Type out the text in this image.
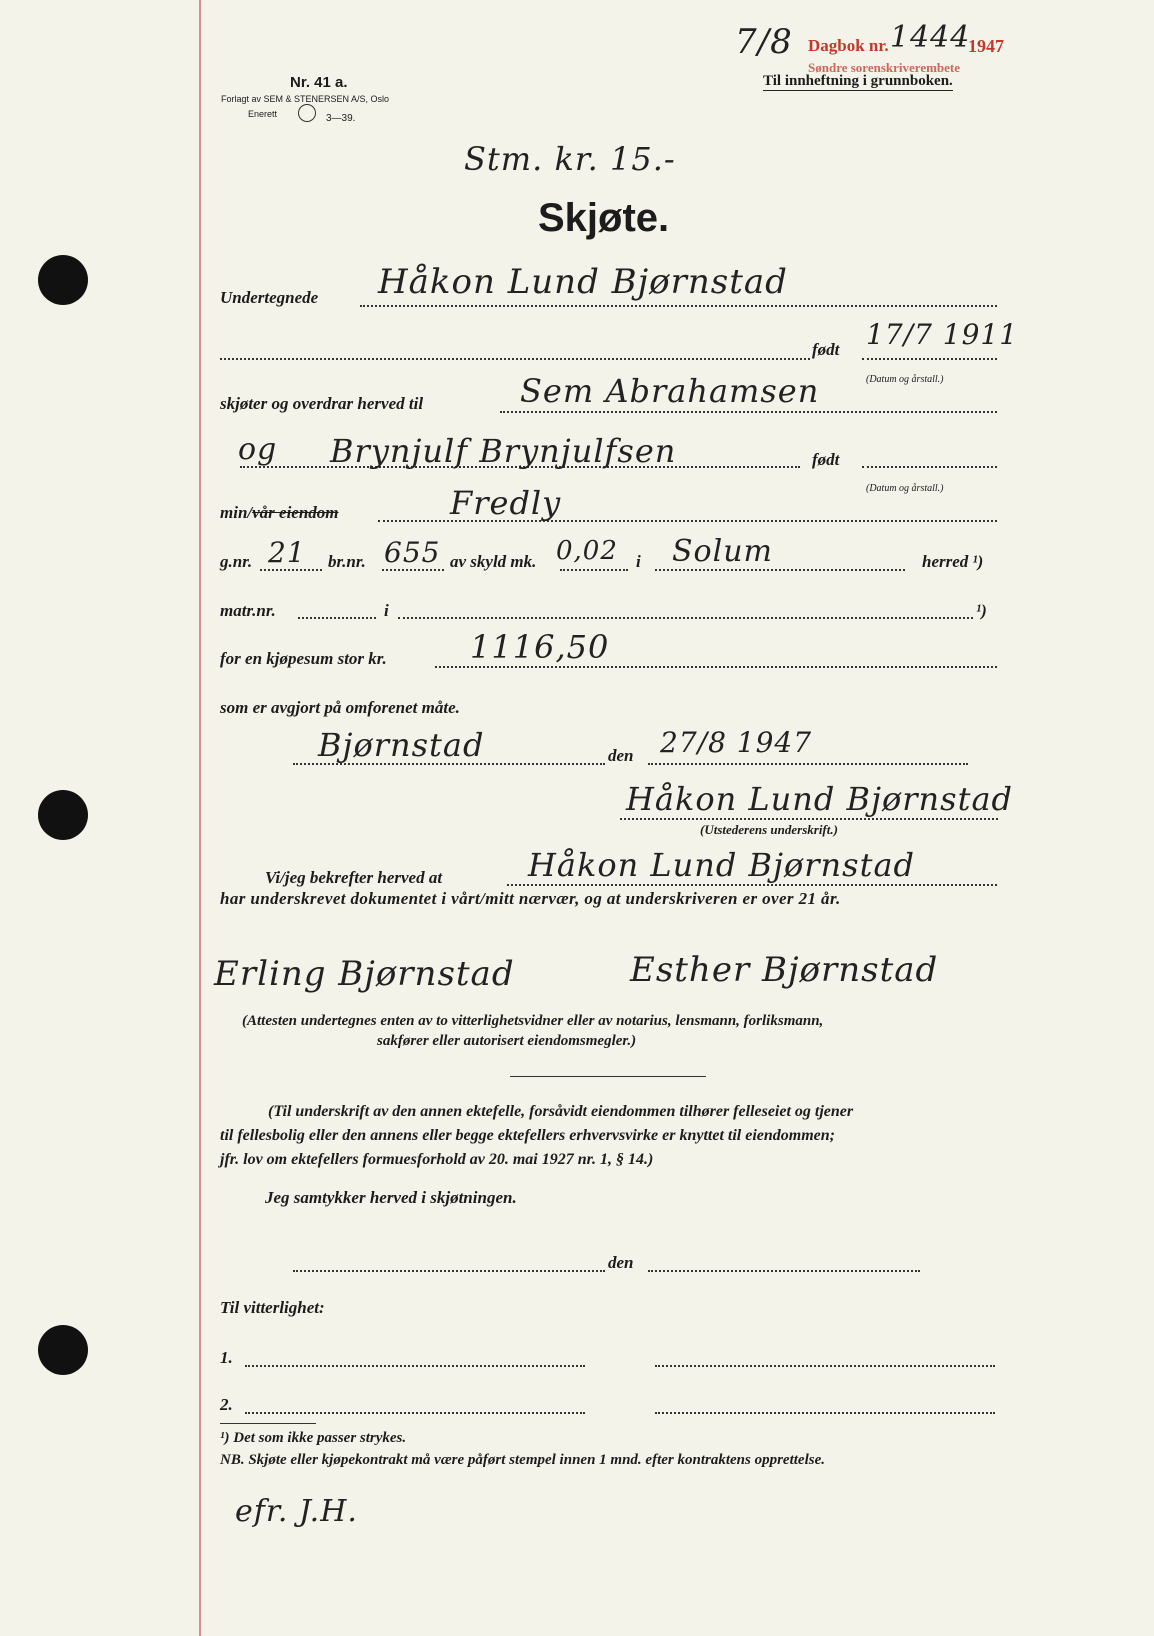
Nr. 41 a.
Forlagt av SEM & STENERSEN A/S, Oslo
Enerett	3—39.
7/8 Dagbok nr. 1444
1947
Søndre sorenskriverembete
Til innheftning i grunnboken.
Stm. kr. 15.-
Skjøte.
Undertegnede Håkon Lund Bjørnstad
født 17/7 1911
(Datum og årstall.)
skjøter og overdrar herved til	Sem Abrahamsen
og Brynjulf Brynjulfsen	født
(Datum og årstall.)
min/vår eiendom	Fredly
g.nr. 21 br.nr. 655 av skyld mk. 0,02 i Solum	herred ¹)
matr.nr.	i	¹)
for en kjøpesum stor kr.	1116,50
som er avgjort på omforenet måte.
Bjørnstad	den 27/8 1947
Håkon Lund Bjørnstad
(Utstederens underskrift.)
Vi/jeg bekrefter herved at	Håkon Lund Bjørnstad
har underskrevet dokumentet i vårt/mitt nærvær, og at underskriveren er over 21 år.
Erling Bjørnstad	Esther Bjørnstad
(Attesten undertegnes enten av to vitterlighetsvidner eller av notarius, lensmann, forliksmann,
sakfører eller autorisert eiendomsmegler.)
(Til underskrift av den annen ektefelle, forsåvidt eiendommen tilhører felleseiet og tjener
til fellesbolig eller den annens eller begge ektefellers erhvervsvirke er knyttet til eiendommen;
jfr. lov om ektefellers formuesforhold av 20. mai 1927 nr. 1, § 14.)
Jeg samtykker herved i skjøtningen.
den
Til vitterlighet:
1.
2.
¹) Det som ikke passer strykes.
NB. Skjøte eller kjøpekontrakt må være påført stempel innen 1 mnd. efter kontraktens opprettelse.
efr. J.H.
